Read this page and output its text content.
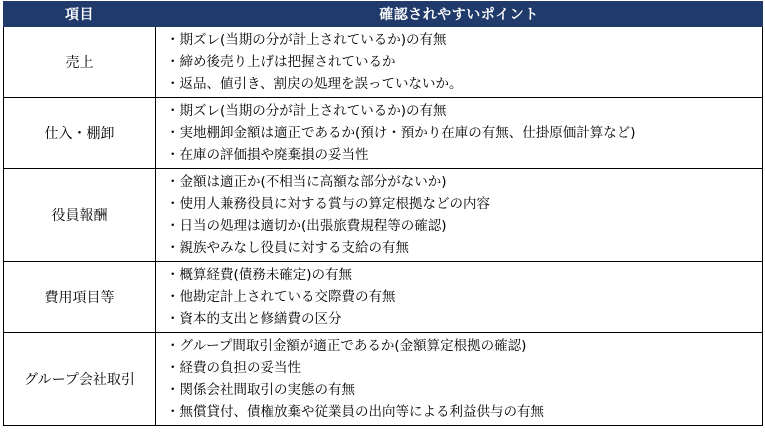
項目	確認されやすいポイント
売上	・期ズレ(当期の分が計上されているか)の有無
・締め後売り上げは把握されているか
・返品、値引き、割戻の処理を誤っていないか。

仕入・棚卸	・期ズレ(当期の分が計上されているか)の有無
・実地棚卸金額は適正であるか(預け・預かり在庫の有無、仕掛原価計算など)
・在庫の評価損や廃棄損の妥当性

役員報酬	・金額は適正か(不相当に高額な部分がないか)
・使用人兼務役員に対する賞与の算定根拠などの内容
・日当の処理は適切か(出張旅費規程等の確認)
・親族やみなし役員に対する支給の有無

費用項目等	・概算経費(債務未確定)の有無
・他勘定計上されている交際費の有無
・資本的支出と修繕費の区分

グループ会社取引	・グループ間取引金額が適正であるか(金額算定根拠の確認)
・経費の負担の妥当性
・関係会社間取引の実態の有無
・無償貸付、債権放棄や従業員の出向等による利益供与の有無
